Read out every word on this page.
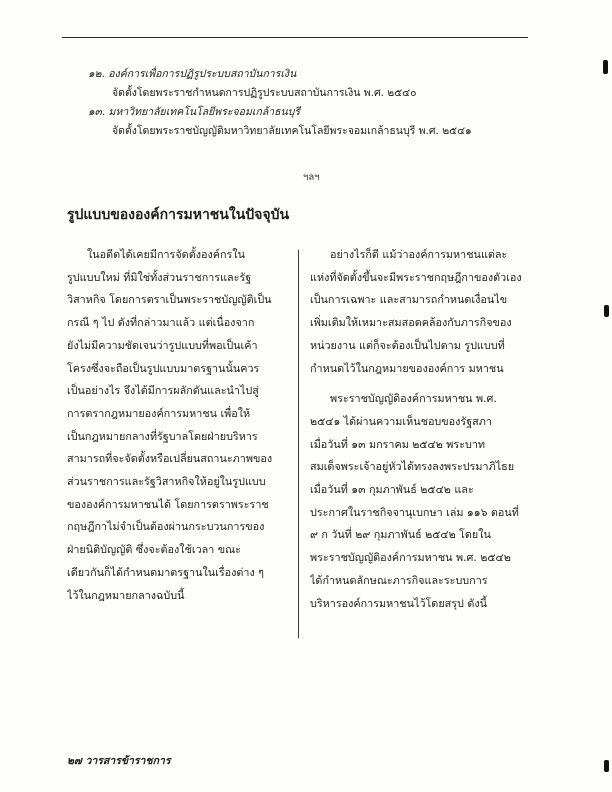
๑๒. องค์การเพื่อการปฏิรูประบบสถาบันการเงิน
จัดตั้งโดยพระราชกำหนดการปฏิรูประบบสถาบันการเงิน พ.ศ. ๒๕๔๐
๑๓. มหาวิทยาลัยเทคโนโลยีพระจอมเกล้าธนบุรี
จัดตั้งโดยพระราชบัญญัติมหาวิทยาลัยเทคโนโลยีพระจอมเกล้าธนบุรี พ.ศ. ๒๕๔๑
ฯลฯ
รูปแบบขององค์การมหาชนในปัจจุบัน
ในอดีตได้เคยมีการจัดตั้งองค์กรใน
รูปแบบใหม่ ที่มิใช่ทั้งส่วนราชการและรัฐ
วิสาหกิจ โดยการตราเป็นพระราชบัญญัติเป็น
กรณี ๆ ไป ดังที่กล่าวมาแล้ว แต่เนื่องจาก
ยังไม่มีความชัดเจนว่ารูปแบบที่พอเป็นเค้า
โครงซึ่งจะถือเป็นรูปแบบมาตรฐานนั้นควร
เป็นอย่างไร จึงได้มีการผลักดันและนำไปสู่
การตรากฎหมายองค์การมหาชน เพื่อให้
เป็นกฎหมายกลางที่รัฐบาลโดยฝ่ายบริหาร
สามารถที่จะจัดตั้งหรือเปลี่ยนสถานะภาพของ
ส่วนราชการและรัฐวิสาหกิจให้อยู่ในรูปแบบ
ขององค์การมหาชนได้ โดยการตราพระราช
กฤษฎีกาไม่จำเป็นต้องผ่านกระบวนการของ
ฝ่ายนิติบัญญัติ ซึ่งจะต้องใช้เวลา ขณะ
เดียวกันก็ได้กำหนดมาตรฐานในเรื่องต่าง ๆ
ไว้ในกฎหมายกลางฉบับนี้
อย่างไรก็ดี แม้ว่าองค์การมหาชนแต่ละ
แห่งที่จัดตั้งขึ้นจะมีพระราชกฤษฎีกาของตัวเอง
เป็นการเฉพาะ และสามารถกำหนดเงื่อนไข
เพิ่มเติมให้เหมาะสมสอดคล้องกับภารกิจของ
หน่วยงาน แต่ก็จะต้องเป็นไปตาม รูปแบบที่
กำหนดไว้ในกฎหมายขององค์การ มหาชน
พระราชบัญญัติองค์การมหาชน พ.ศ.
๒๕๔๑ ได้ผ่านความเห็นชอบของรัฐสภา
เมื่อวันที่ ๑๓ มกราคม ๒๕๔๒ พระบาท
สมเด็จพระเจ้าอยู่หัวได้ทรงลงพระปรมาภิไธย
เมื่อวันที่ ๑๓ กุมภาพันธ์ ๒๕๔๒ และ
ประกาศในราชกิจจานุเบกษา เล่ม ๑๑๖ ตอนที่
๙ ก วันที่ ๒๙ กุมภาพันธ์ ๒๕๔๒ โดยใน
พระราชบัญญัติองค์การมหาชน พ.ศ. ๒๕๔๒
ได้กำหนดลักษณะภารกิจและระบบการ
บริหารองค์การมหาชนไว้โดยสรุป ดังนี้
๒๗ วารสารข้าราชการ
